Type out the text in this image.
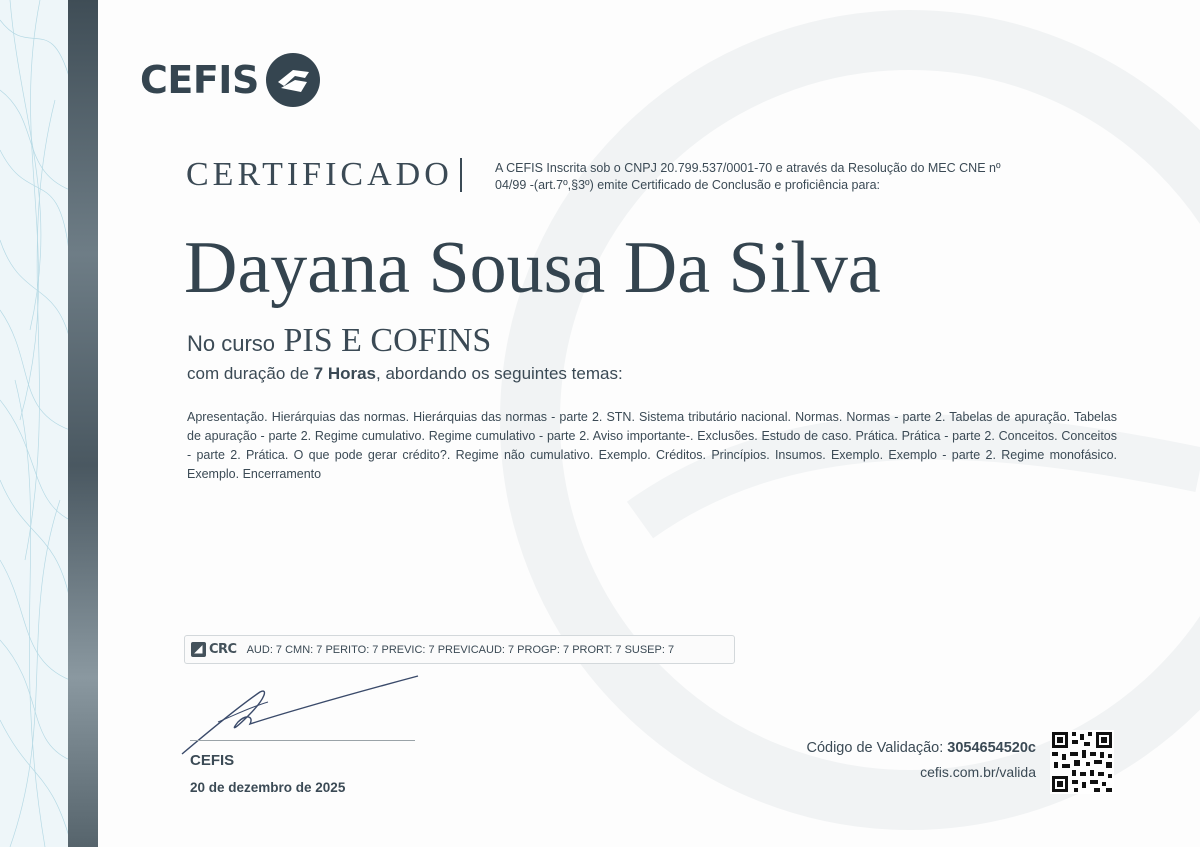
CEFIS
CERTIFICADO	A CEFIS Inscrita sob o CNPJ 20.799.537/0001-70 e através da Resolução do MEC CNE nº 04/99 -(art.7º,§3º) emite Certificado de Conclusão e proficiência para:
Dayana Sousa Da Silva
No curso PIS E COFINS
com duração de 7 Horas, abordando os seguintes temas:
Apresentação. Hierárquias das normas. Hierárquias das normas - parte 2. STN. Sistema tributário nacional. Normas. Normas - parte 2. Tabelas de apuração. Tabelas de apuração - parte 2. Regime cumulativo. Regime cumulativo - parte 2. Aviso importante-. Exclusões. Estudo de caso. Prática. Prática - parte 2. Conceitos. Conceitos - parte 2. Prática. O que pode gerar crédito?. Regime não cumulativo. Exemplo. Créditos. Princípios. Insumos. Exemplo. Exemplo - parte 2. Regime monofásico. Exemplo. Encerramento
◢ CRC AUD: 7 CMN: 7 PERITO: 7 PREVIC: 7 PREVICAUD: 7 PROGP: 7 PRORT: 7 SUSEP: 7
CEFIS
20 de dezembro de 2025
Código de Validação: 3054654520c
cefis.com.br/valida
